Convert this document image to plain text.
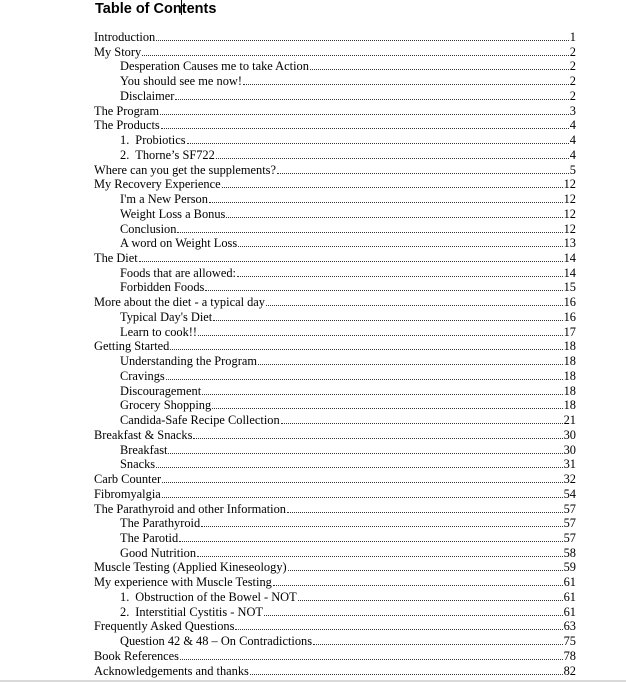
Table of Contents
Introduction	1
My Story	2
Desperation Causes me to take Action	2
You should see me now!	2
Disclaimer	2
The Program	3
The Products	4
1. Probiotics	4
2. Thorne’s SF722	4
Where can you get the supplements?	5
My Recovery Experience	12
I'm a New Person	12
Weight Loss a Bonus	12
Conclusion	12
A word on Weight Loss	13
The Diet	14
Foods that are allowed:	14
Forbidden Foods	15
More about the diet - a typical day	16
Typical Day's Diet	16
Learn to cook!!	17
Getting Started	18
Understanding the Program	18
Cravings	18
Discouragement	18
Grocery Shopping	18
Candida-Safe Recipe Collection	21
Breakfast & Snacks	30
Breakfast	30
Snacks	31
Carb Counter	32
Fibromyalgia	54
The Parathyroid and other Information	57
The Parathyroid	57
The Parotid	57
Good Nutrition	58
Muscle Testing (Applied Kineseology)	59
My experience with Muscle Testing	61
1. Obstruction of the Bowel - NOT	61
2. Interstitial Cystitis - NOT	61
Frequently Asked Questions	63
Question 42 & 48 – On Contradictions	75
Book References	78
Acknowledgements and thanks	82
